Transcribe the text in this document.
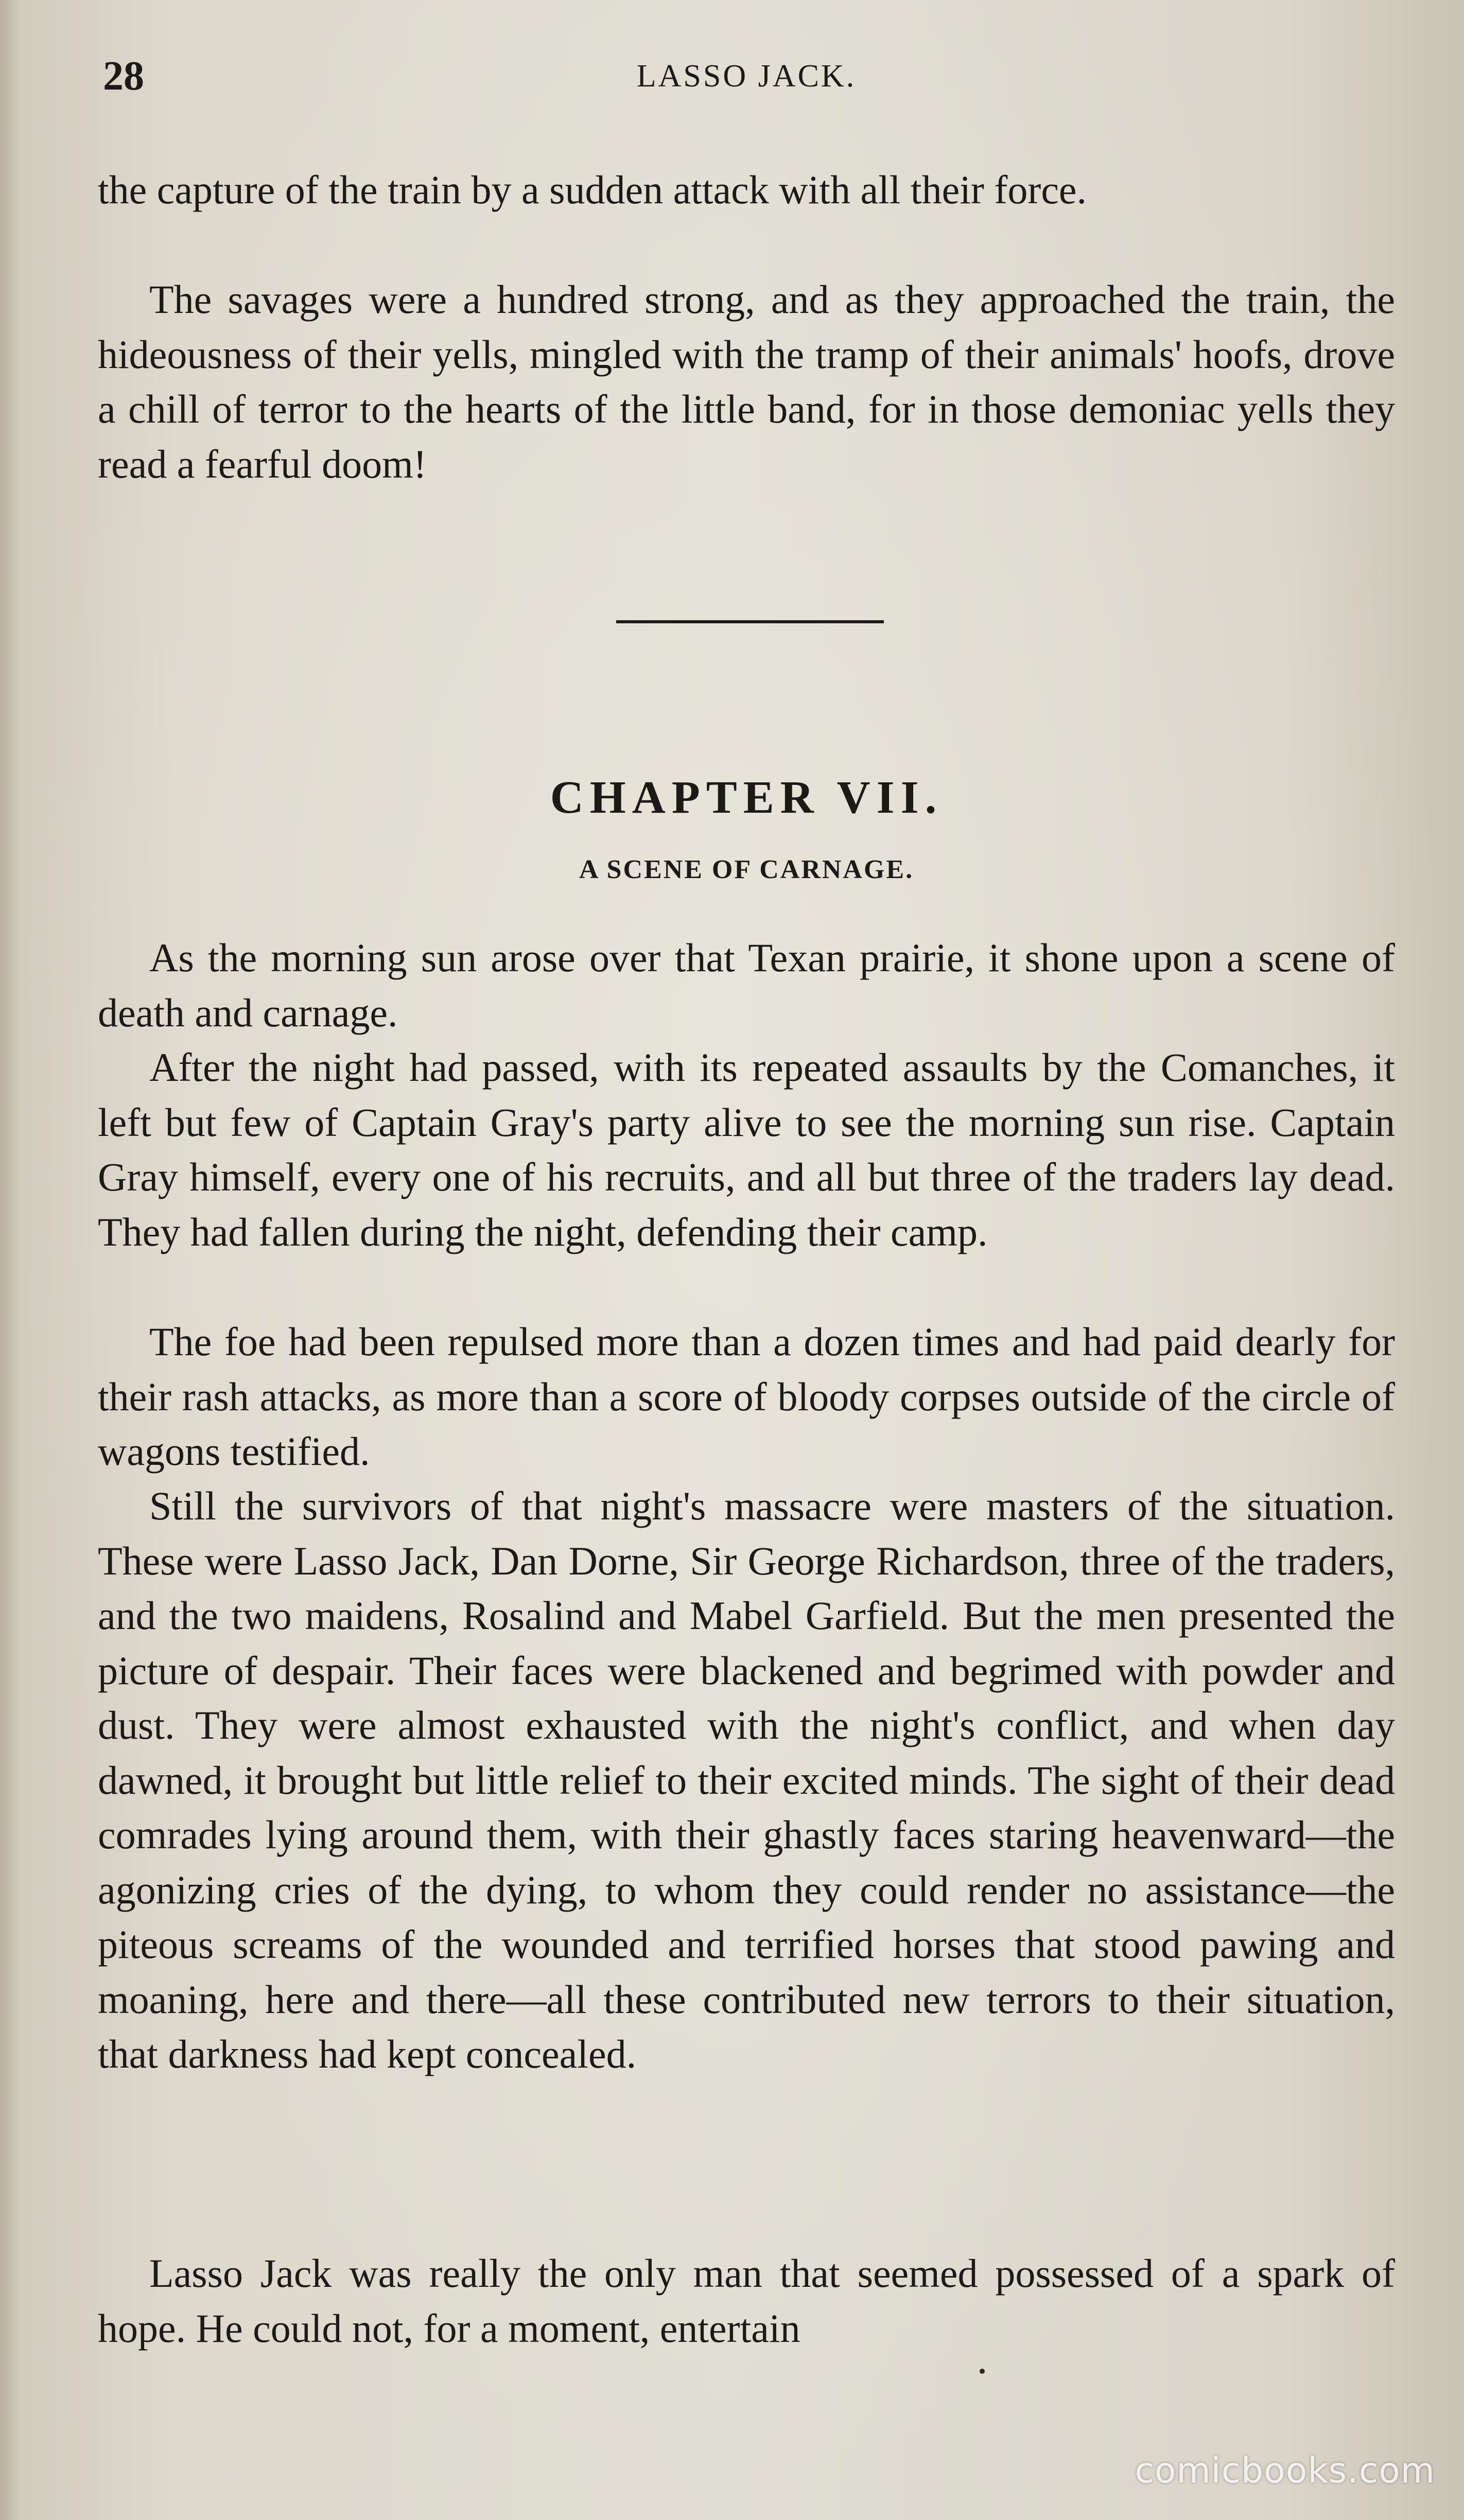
28	LASSO JACK.

the capture of the train by a sudden attack with all their force.

The savages were a hundred strong, and as they approached the train, the hideousness of their yells, mingled with the tramp of their animals' hoofs, drove a chill of terror to the hearts of the little band, for in those demoniac yells they read a fearful doom!

CHAPTER VII.
A SCENE OF CARNAGE.

As the morning sun arose over that Texan prairie, it shone upon a scene of death and carnage.

After the night had passed, with its repeated assaults by the Comanches, it left but few of Captain Gray's party alive to see the morning sun rise. Captain Gray himself, every one of his recruits, and all but three of the traders lay dead. They had fallen during the night, defending their camp.

The foe had been repulsed more than a dozen times and had paid dearly for their rash attacks, as more than a score of bloody corpses outside of the circle of wagons testified.

Still the survivors of that night's massacre were masters of the situation. These were Lasso Jack, Dan Dorne, Sir George Richardson, three of the traders, and the two maidens, Rosalind and Mabel Garfield. But the men presented the picture of despair. Their faces were blackened and begrimed with powder and dust. They were almost exhausted with the night's conflict, and when day dawned, it brought but little relief to their excited minds. The sight of their dead comrades lying around them, with their ghastly faces staring heavenward—the agonizing cries of the dying, to whom they could render no assistance—the piteous screams of the wounded and terrified horses that stood pawing and moaning, here and there—all these contributed new terrors to their situation, that darkness had kept concealed.

Lasso Jack was really the only man that seemed possessed of a spark of hope. He could not, for a moment, entertain

comicbooks.com
